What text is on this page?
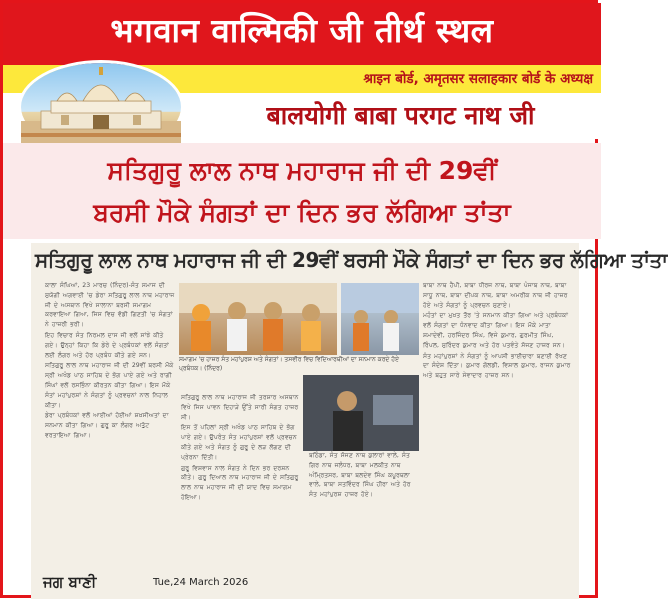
भगवान वाल्मिकी जी तीर्थ स्थल
श्राइन बोर्ड, अमृतसर सलाहकार बोर्ड के अध्यक्ष
बालयोगी बाबा परगट नाथ जी
ਸਤਿਗੁਰੂ ਲਾਲ ਨਾਥ ਮਹਾਰਾਜ ਜੀ ਦੀ 29ਵੀਂ
ਬਰਸੀ ਮੌਕੇ ਸੰਗਤਾਂ ਦਾ ਦਿਨ ਭਰ ਲੱਗਿਆ ਤਾਂਤਾ
ਸਤਿਗੁਰੂ ਲਾਲ ਨਾਥ ਮਹਾਰਾਜ ਜੀ ਦੀ 29ਵੀਂ ਬਰਸੀ ਮੌਕੇ ਸੰਗਤਾਂ ਦਾ ਦਿਨ ਭਰ ਲੱਗਿਆ ਤਾਂਤਾ

ਕਾਲਾ ਸੰਘਿਆਂ, 23 ਮਾਰਚ (ਨਿੰਦਰ)-ਸੰਤ ਸਮਾਜ ਦੀ ਸੁਯੋਗੀ ਅਗਵਾਈ 'ਚ ਡੇਰਾ ਸਤਿਗੁਰੂ ਲਾਲ ਨਾਥ ਮਹਾਰਾਜ ਜੀ ਦੇ ਅਸਥਾਨ ਵਿਖੇ ਸਾਲਾਨਾ ਬਰਸੀ ਸਮਾਗਮ ਕਰਵਾਇਆ ਗਿਆ, ਜਿਸ ਵਿਚ ਵੱਡੀ ਗਿਣਤੀ 'ਚ ਸੰਗਤਾਂ ਨੇ ਹਾਜ਼ਰੀ ਭਰੀ।

ਇਹ ਵਿਚਾਰ ਸੰਤ ਨਿਰਮਲ ਦਾਸ ਜੀ ਵਲੋਂ ਸਾਂਝੇ ਕੀਤੇ ਗਏ। ਉਨ੍ਹਾਂ ਕਿਹਾ ਕਿ ਡੇਰੇ ਦੇ ਪ੍ਰਬੰਧਕਾਂ ਵਲੋਂ ਸੰਗਤਾਂ ਲਈ ਲੰਗਰ ਅਤੇ ਹੋਰ ਪ੍ਰਬੰਧ ਕੀਤੇ ਗਏ ਸਨ।

ਸਤਿਗੁਰੂ ਲਾਲ ਨਾਥ ਮਹਾਰਾਜ ਜੀ ਦੀ 29ਵੀਂ ਬਰਸੀ ਮੌਕੇ ਸ੍ਰੀ ਅਖੰਡ ਪਾਠ ਸਾਹਿਬ ਦੇ ਭੋਗ ਪਾਏ ਗਏ ਅਤੇ ਰਾਗੀ ਸਿੰਘਾਂ ਵਲੋਂ ਰਸਭਿੰਨਾ ਕੀਰਤਨ ਕੀਤਾ ਗਿਆ। ਇਸ ਮੌਕੇ ਸੰਤਾਂ ਮਹਾਂਪੁਰਸ਼ਾਂ ਨੇ ਸੰਗਤਾਂ ਨੂੰ ਪ੍ਰਵਚਨਾਂ ਨਾਲ ਨਿਹਾਲ ਕੀਤਾ।

ਡੇਰਾ ਪ੍ਰਬੰਧਕਾਂ ਵਲੋਂ ਆਈਆਂ ਹੋਈਆਂ ਸ਼ਖ਼ਸੀਅਤਾਂ ਦਾ ਸਨਮਾਨ ਕੀਤਾ ਗਿਆ। ਗੁਰੂ ਕਾ ਲੰਗਰ ਅਤੁੱਟ ਵਰਤਾਇਆ ਗਿਆ।

ਸਮਾਗਮ 'ਚ ਹਾਜ਼ਰ ਸੰਤ ਮਹਾਂਪੁਰਸ਼ ਅਤੇ ਸੰਗਤਾਂ। ਤਸਵੀਰ ਵਿਚ ਵਿਦਿਆਰਥੀਆਂ ਦਾ ਸਨਮਾਨ ਕਰਦੇ ਹੋਏ ਪ੍ਰਬੰਧਕ। (ਨਿੰਦਰ)

ਸਤਿਗੁਰੂ ਲਾਲ ਨਾਥ ਮਹਾਰਾਜ ਜੀ ਤਰਸ਼ਾਰ ਅਸਥਾਨ ਵਿਖੇ ਜਿਸ ਪਾਵਨ ਦਿਹਾੜੇ ਉੱਤੇ ਸਾਰੀ ਸੰਗਤ ਹਾਜ਼ਰ ਸੀ।

ਇਸ ਤੋਂ ਪਹਿਲਾਂ ਸ੍ਰੀ ਅਖੰਡ ਪਾਠ ਸਾਹਿਬ ਦੇ ਭੋਗ ਪਾਏ ਗਏ। ਉਪਰੰਤ ਸੰਤ ਮਹਾਂਪੁਰਸ਼ਾਂ ਵਲੋਂ ਪ੍ਰਵਚਨ ਕੀਤੇ ਗਏ ਅਤੇ ਸੰਗਤ ਨੂੰ ਗੁਰੂ ਦੇ ਲੜ ਲੱਗਣ ਦੀ ਪ੍ਰੇਰਨਾ ਦਿੱਤੀ।

ਗੁਰੂ ਵਿਸ਼ਵਾਸ ਨਾਲ ਸੰਗਤ ਨੇ ਦਿਨ ਭਰ ਦਰਸ਼ਨ ਕੀਤੇ। ਗੁਰੂ ਦਿਆਲ ਨਾਥ ਮਹਾਰਾਜ ਜੀ ਦੇ ਸਤਿਗੁਰੂ ਲਾਲ ਨਾਥ ਮਹਾਰਾਜ ਜੀ ਦੀ ਯਾਦ ਵਿਚ ਸਮਾਗਮ ਹੋਇਆ।

ਬਠਿੰਡਾ, ਸੰਤ ਸੱਜਣ ਨਾਥ ਕੁਲਾਰਾਂ ਵਾਲੇ, ਸੰਤ ਗਿਰ ਨਾਥ ਜਲੰਧਰ, ਬਾਬਾ ਮਲਕੀਤ ਨਾਥ ਅੰਮ੍ਰਿਤਸਰ, ਬਾਬਾ ਬਲਦੇਵ ਸਿੰਘ ਕਪੂਰਥਲਾ ਵਾਲੇ, ਬਾਬਾ ਸਤਵਿੰਦਰ ਸਿੰਘ ਹੀਰਾ ਅਤੇ ਹੋਰ ਸੰਤ ਮਹਾਂਪੁਰਸ਼ ਹਾਜ਼ਰ ਹੋਏ।

ਬਾਬਾ ਨਾਥ ਹੈਪੀ, ਬਾਬਾ ਧੀਰਜ ਨਾਥ, ਬਾਬਾ ਪੰਜਾਬ ਨਾਥ, ਬਾਬਾ ਸਾਧੂ ਨਾਥ, ਬਾਬਾ ਦੀਪਕ ਨਾਥ, ਬਾਬਾ ਅਮਰੀਕ ਨਾਥ ਜੀ ਹਾਜ਼ਰ ਹੋਏ ਅਤੇ ਸੰਗਤਾਂ ਨੂੰ ਪ੍ਰਵਚਨ ਸੁਣਾਏ।

ਮਹੰਤਾਂ ਦਾ ਮੁਖ਼ਤ ਤੌਰ 'ਤੇ ਸਨਮਾਨ ਕੀਤਾ ਗਿਆ ਅਤੇ ਪ੍ਰਬੰਧਕਾਂ ਵਲੋਂ ਸੰਗਤਾਂ ਦਾ ਧੰਨਵਾਦ ਕੀਤਾ ਗਿਆ। ਇਸ ਮੌਕੇ ਮਾਤਾ ਸ਼ਮਾਦੇਵੀ, ਹਰਜਿੰਦਰ ਸਿੰਘ, ਵਿਜੇ ਕੁਮਾਰ, ਗੁਰਮੀਤ ਸਿੰਘ, ਰਿੰਪਲ, ਸੁਰਿੰਦਰ ਕੁਮਾਰ ਅਤੇ ਹੋਰ ਪਤਵੰਤੇ ਸੱਜਣ ਹਾਜ਼ਰ ਸਨ।

ਸੰਤ ਮਹਾਂਪੁਰਸ਼ਾਂ ਨੇ ਸੰਗਤਾਂ ਨੂੰ ਆਪਸੀ ਭਾਈਚਾਰਾ ਬਣਾਈ ਰੱਖਣ ਦਾ ਸੰਦੇਸ਼ ਦਿੱਤਾ। ਕੁਮਾਰ ਗੋਲਡੀ, ਵਿਸ਼ਾਲ ਕੁਮਾਰ, ਰਾਜਨ ਕੁਮਾਰ ਅਤੇ ਬਹੁਤ ਸਾਰੇ ਸੇਵਾਦਾਰ ਹਾਜ਼ਰ ਸਨ।

ਜਗ ਬਾਣੀ	Tue,24 March 2026
